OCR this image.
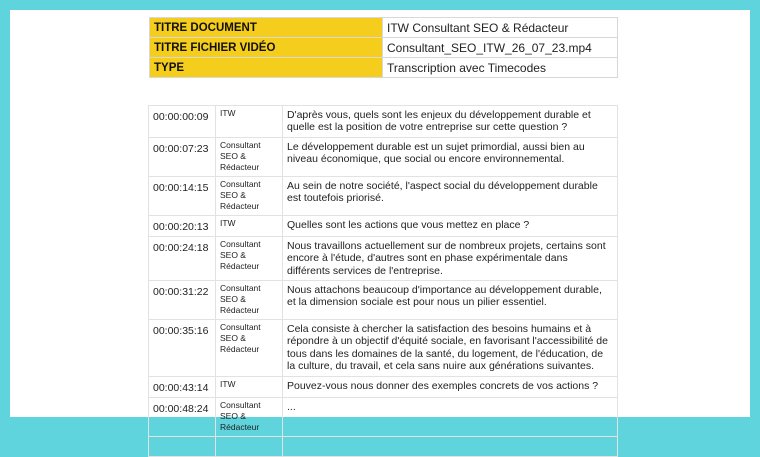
TITRE DOCUMENT	ITW Consultant SEO & Rédacteur
TITRE FICHIER VIDÉO	Consultant_SEO_ITW_26_07_23.mp4
TYPE	Transcription avec Timecodes
00:00:00:09	ITW	D'après vous, quels sont les enjeux du développement durable et quelle est la position de votre entreprise sur cette question ?
00:00:07:23	Consultant SEO & Rédacteur	Le développement durable est un sujet primordial, aussi bien au niveau économique, que social ou encore environnemental.
00:00:14:15	Consultant SEO & Rédacteur	Au sein de notre société, l'aspect social du développement durable est toutefois priorisé.
00:00:20:13	ITW	Quelles sont les actions que vous mettez en place ?
00:00:24:18	Consultant SEO & Rédacteur	Nous travaillons actuellement sur de nombreux projets, certains sont encore à l'étude, d'autres sont en phase expérimentale dans différents services de l'entreprise.
00:00:31:22	Consultant SEO & Rédacteur	Nous attachons beaucoup d'importance au développement durable, et la dimension sociale est pour nous un pilier essentiel.
00:00:35:16	Consultant SEO & Rédacteur	Cela consiste à chercher la satisfaction des besoins humains et à répondre à un objectif d'équité sociale, en favorisant l'accessibilité de tous dans les domaines de la santé, du logement, de l'éducation, de la culture, du travail, et cela sans nuire aux générations suivantes.
00:00:43:14	ITW	Pouvez-vous nous donner des exemples concrets de vos actions ?
00:00:48:24	Consultant SEO & Rédacteur	...
